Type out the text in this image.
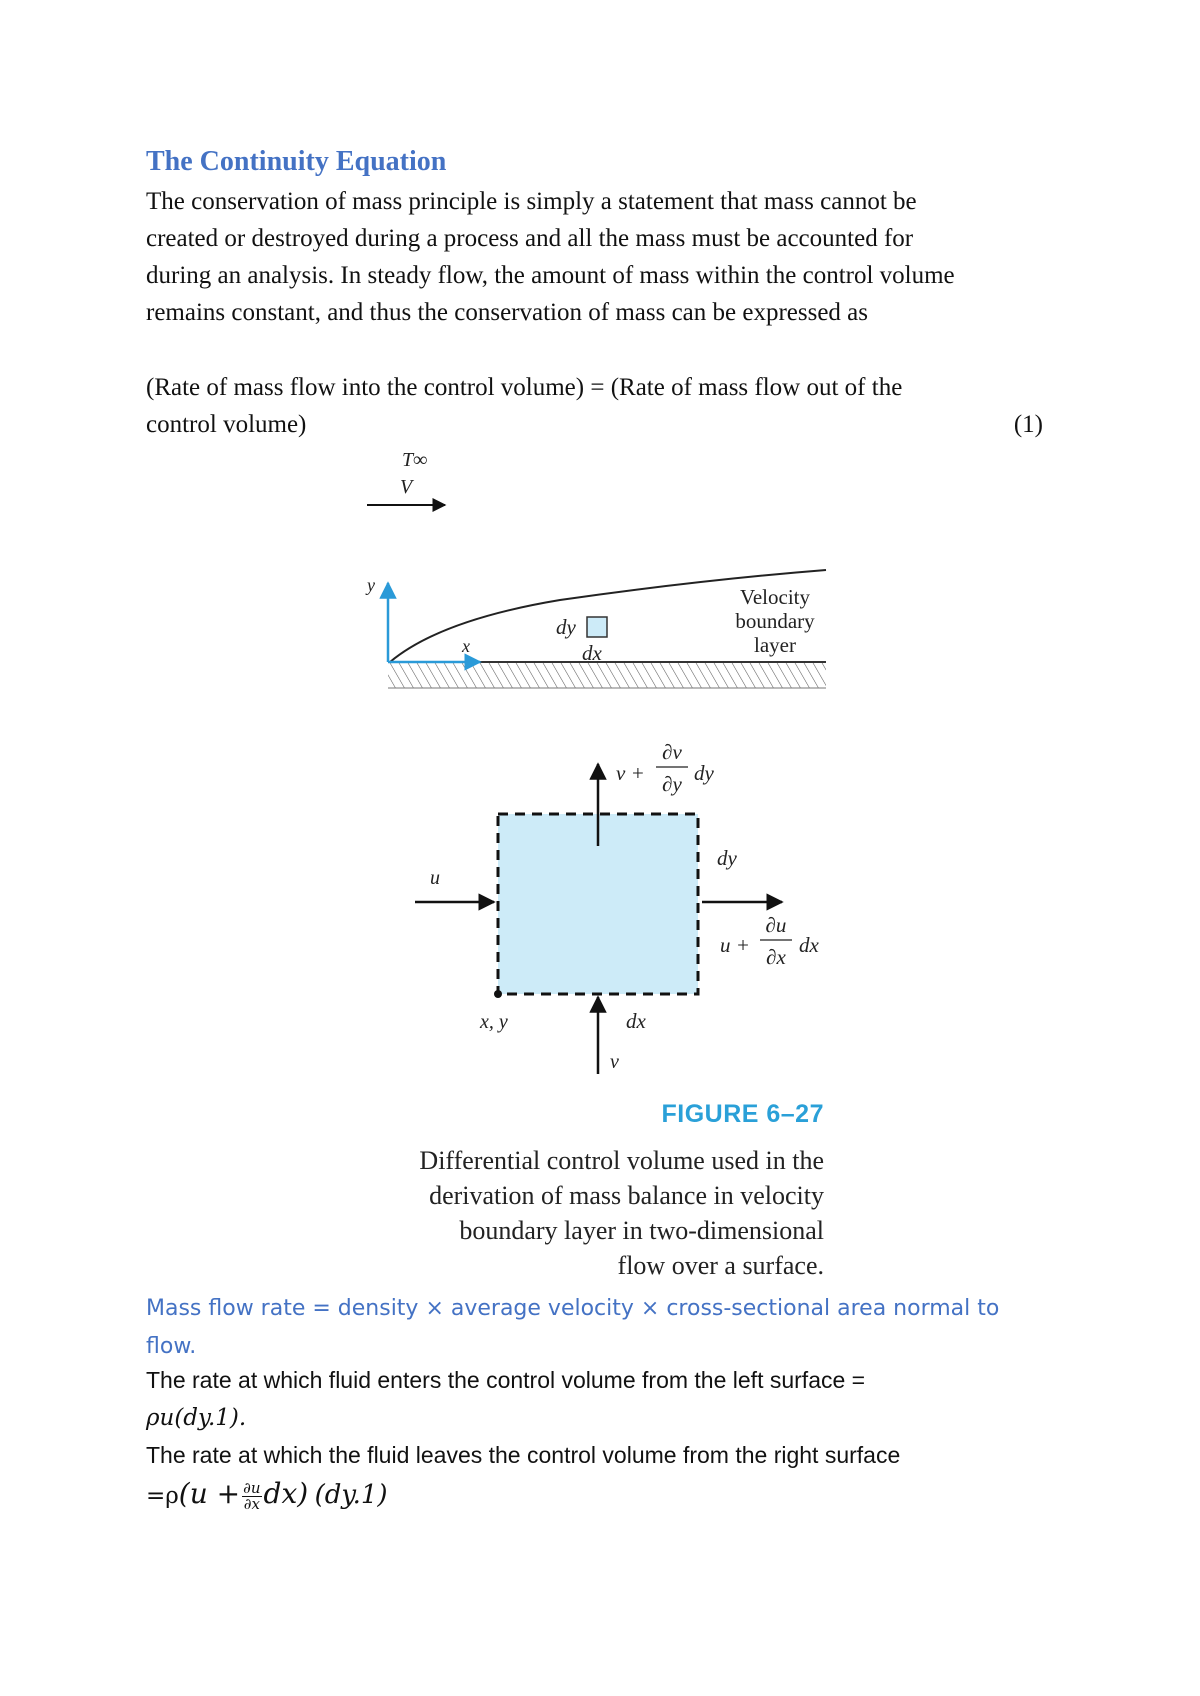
The Continuity Equation
The conservation of mass principle is simply a statement that mass cannot be
created or destroyed during a process and all the mass must be accounted for
during an analysis. In steady flow, the amount of mass within the control volume
remains constant, and thus the conservation of mass can be expressed as
(Rate of mass flow into the control volume) = (Rate of mass flow out of the
control volume)	(1)
T∞
V
y
x
dy
dx
Velocity
boundary
layer
v +
∂v
∂y dy
u
dy
u +
∂u
∂x dx
x, y	dx
v
FIGURE 6–27
Differential control volume used in the
derivation of mass balance in velocity
boundary layer in two-dimensional
flow over a surface.
Mass flow rate = density × average velocity × cross-sectional area normal to
flow.
The rate at which fluid enters the control volume from the left surface =
ρu(dy.1).
The rate at which the fluid leaves the control volume from the right surface
$=\rho(u + \frac{\partial u}{\partial x} dx)$ (dy.1)
